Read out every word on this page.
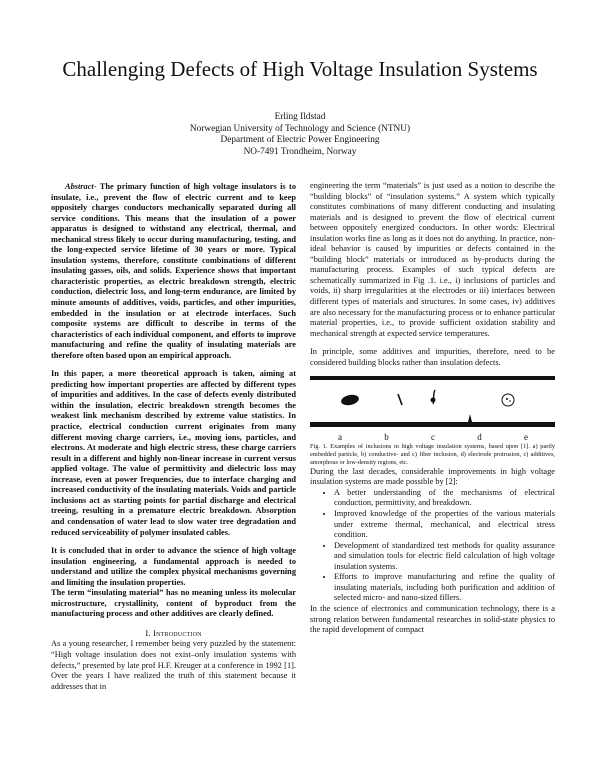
Challenging Defects of High Voltage Insulation Systems
Erling Ildstad
Norwegian University of Technology and Science (NTNU)
Department of Electric Power Engineering
NO-7491 Trondheim, Norway

Abstract- The primary function of high voltage insulators is to insulate, i.e., prevent the flow of electric current and to keep oppositely charges conductors mechanically separated during all service conditions. This means that the insulation of a power apparatus is designed to withstand any electrical, thermal, and mechanical stress likely to occur during manufacturing, testing, and the long-expected service lifetime of 30 years or more. Typical insulation systems, therefore, constitute combinations of different insulating gasses, oils, and solids. Experience shows that important characteristic properties, as electric breakdown strength, electric conduction, dielectric loss, and long-term endurance, are limited by minute amounts of additives, voids, particles, and other impurities, embedded in the insulation or at electrode interfaces. Such composite systems are difficult to describe in terms of the characteristics of each individual component, and efforts to improve manufacturing and refine the quality of insulating materials are therefore often based upon an empirical approach.

In this paper, a more theoretical approach is taken, aiming at predicting how important properties are affected by different types of impurities and additives. In the case of defects evenly distributed within the insulation, electric breakdown strength becomes the weakest link mechanism described by extreme value statistics. In practice, electrical conduction current originates from many different moving charge carriers, i.e., moving ions, particles, and electrons. At moderate and high electric stress, these charge carriers result in a different and highly non-linear increase in current versus applied voltage. The value of permittivity and dielectric loss may increase, even at power frequencies, due to interface charging and increased conductivity of the insulating materials. Voids and particle inclusions act as starting points for partial discharge and electrical treeing, resulting in a premature electric breakdown. Absorption and condensation of water lead to slow water tree degradation and reduced serviceability of polymer insulated cables.

It is concluded that in order to advance the science of high voltage insulation engineering, a fundamental approach is needed to understand and utilize the complex physical mechanisms governing and limiting the insulation properties.

The term “insulating material” has no meaning unless its molecular microstructure, crystallinity, content of byproduct from the manufacturing process and other additives are clearly defined.

I. Introduction

As a young researcher, I remember being very puzzled by the statement: “High voltage insulation does not exist–only insulation systems with defects,” presented by late prof H.F. Kreuger at a conference in 1992 [1]. Over the years I have realized the truth of this statement because it addresses that in

engineering the term “materials” is just used as a notion to describe the “building blocks” of “insulation systems.” A system which typically constitutes combinations of many different conducting and insulating materials and is designed to prevent the flow of electrical current between oppositely energized conductors. In other words: Electrical insulation works fine as long as it does not do anything. In practice, non-ideal behavior is caused by impurities or defects contained in the “building block” materials or introduced as by-products during the manufacturing process. Examples of such typical defects are schematically summarized in Fig .1. i.e., i) inclusions of particles and voids, ii) sharp irregularities at the electrodes or iii) interfaces between different types of materials and structures. In some cases, iv) additives are also necessary for the manufacturing process or to enhance particular material properties, i.e., to provide sufficient oxidation stability and mechanical strength at expected service temperatures.

In principle, some additives and impurities, therefore, need to be considered building blocks rather than insulation defects.

a	b	c	d	e

Fig. 1. Examples of inclusions in high voltage insulation systems, based upon [1]. a) partly embedded particle, b) conductive- and c) fiber inclusion, d) electrode protrusion, c) additives, amorphous or low-density regions, etc.

During the last decades, considerable improvements in high voltage insulation systems are made possible by [2]:

• A better understanding of the mechanisms of electrical conduction, permittivity, and breakdown.
• Improved knowledge of the properties of the various materials under extreme thermal, mechanical, and electrical stress condition.
• Development of standardized test methods for quality assurance and simulation tools for electric field calculation of high voltage insulation systems.
• Efforts to improve manufacturing and refine the quality of insulating materials, including both purification and addition of selected micro- and nano-sized fillers.

In the science of electronics and communication technology, there is a strong relation between fundamental researches in solid-state physics to the rapid development of compact
